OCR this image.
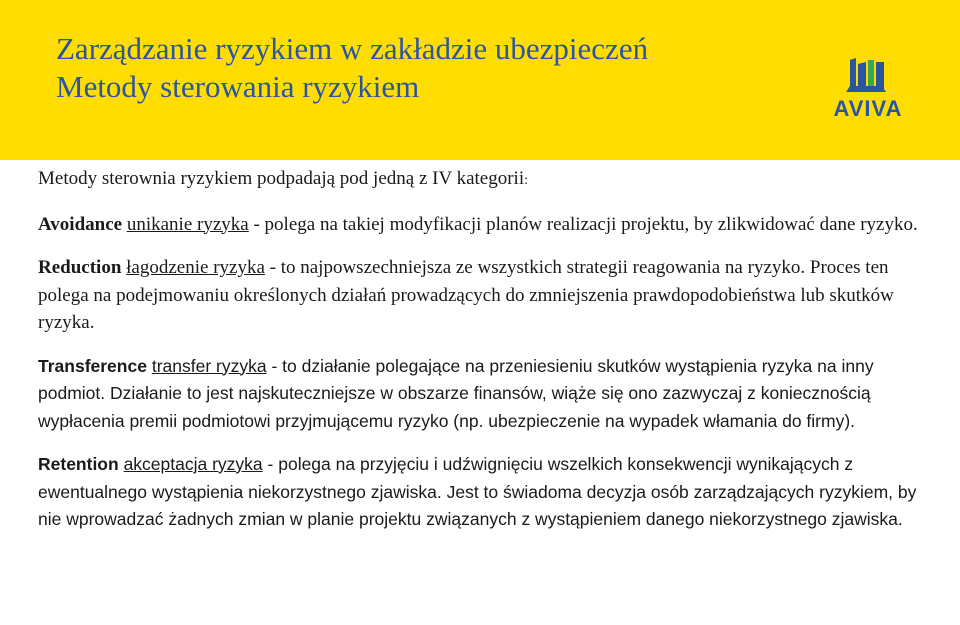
Zarządzanie ryzykiem w zakładzie ubezpieczeń
Metody sterowania ryzykiem
AVIVA

Metody sterownia ryzykiem podpadają pod jedną z IV kategorii:

Avoidance unikanie ryzyka - polega na takiej modyfikacji planów realizacji projektu, by zlikwidować dane ryzyko.

Reduction łagodzenie ryzyka - to najpowszechniejsza ze wszystkich strategii reagowania na ryzyko. Proces ten polega na podejmowaniu określonych działań prowadzących do zmniejszenia prawdopodobieństwa lub skutków ryzyka.

Transference transfer ryzyka - to działanie polegające na przeniesieniu skutków wystąpienia ryzyka na inny podmiot. Działanie to jest najskuteczniejsze w obszarze finansów, wiąże się ono zazwyczaj z koniecznością wypłacenia premii podmiotowi przyjmującemu ryzyko (np. ubezpieczenie na wypadek włamania do firmy).

Retention akceptacja ryzyka - polega na przyjęciu i udźwignięciu wszelkich konsekwencji wynikających z ewentualnego wystąpienia niekorzystnego zjawiska. Jest to świadoma decyzja osób zarządzających ryzykiem, by nie wprowadzać żadnych zmian w planie projektu związanych z wystąpieniem danego niekorzystnego zjawiska.
